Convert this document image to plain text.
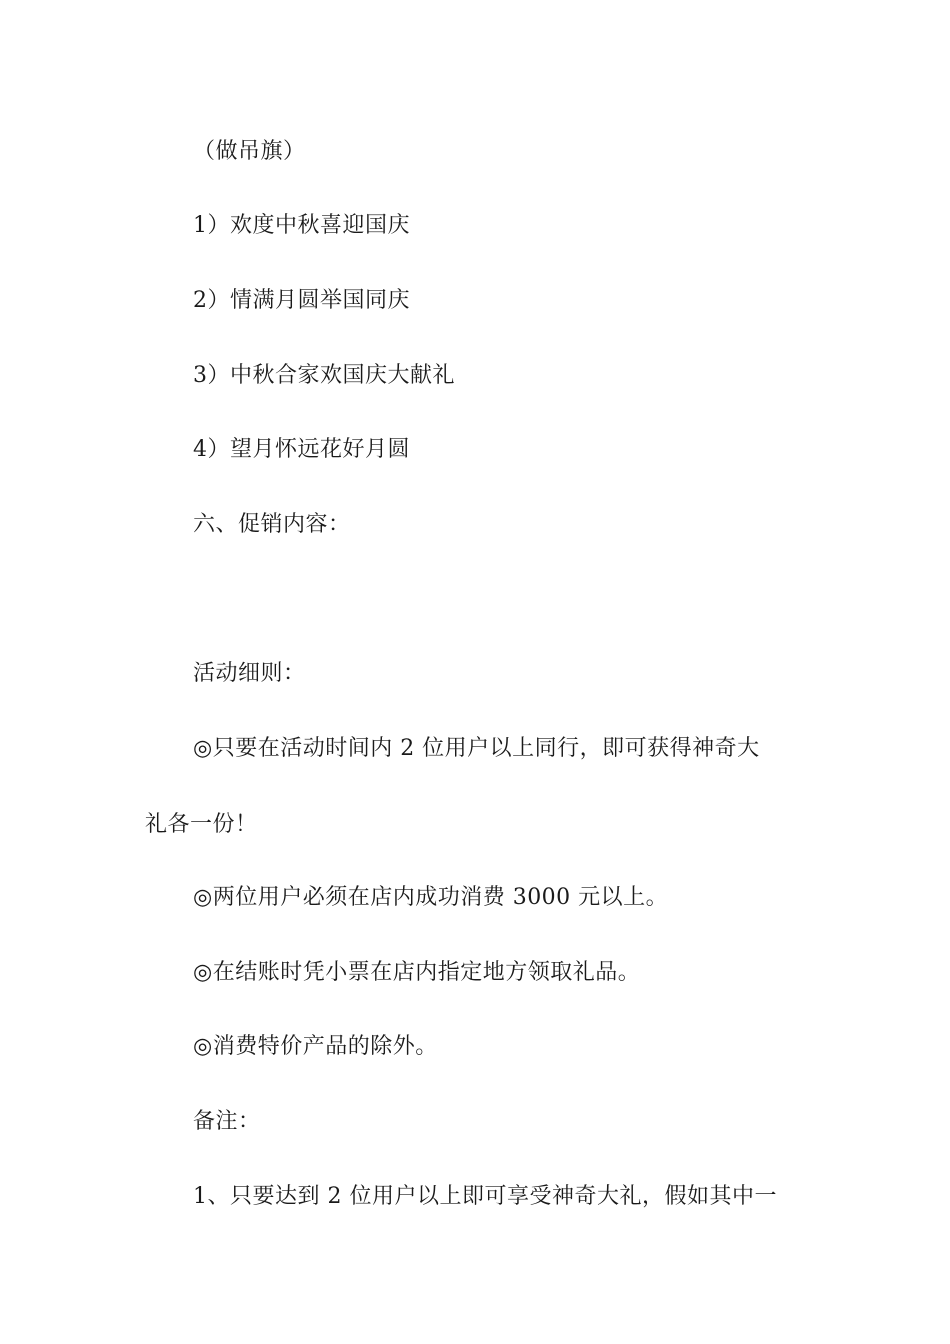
（做吊旗）
1）欢度中秋喜迎国庆
2）情满月圆举国同庆
3）中秋合家欢国庆大献礼
4）望月怀远花好月圆
六、促销内容：
活动细则：
◎只要在活动时间内 2 位用户以上同行，即可获得神奇大
礼各一份！
◎两位用户必须在店内成功消费 3000 元以上。
◎在结账时凭小票在店内指定地方领取礼品。
◎消费特价产品的除外。
备注：
1、只要达到 2 位用户以上即可享受神奇大礼，假如其中一
